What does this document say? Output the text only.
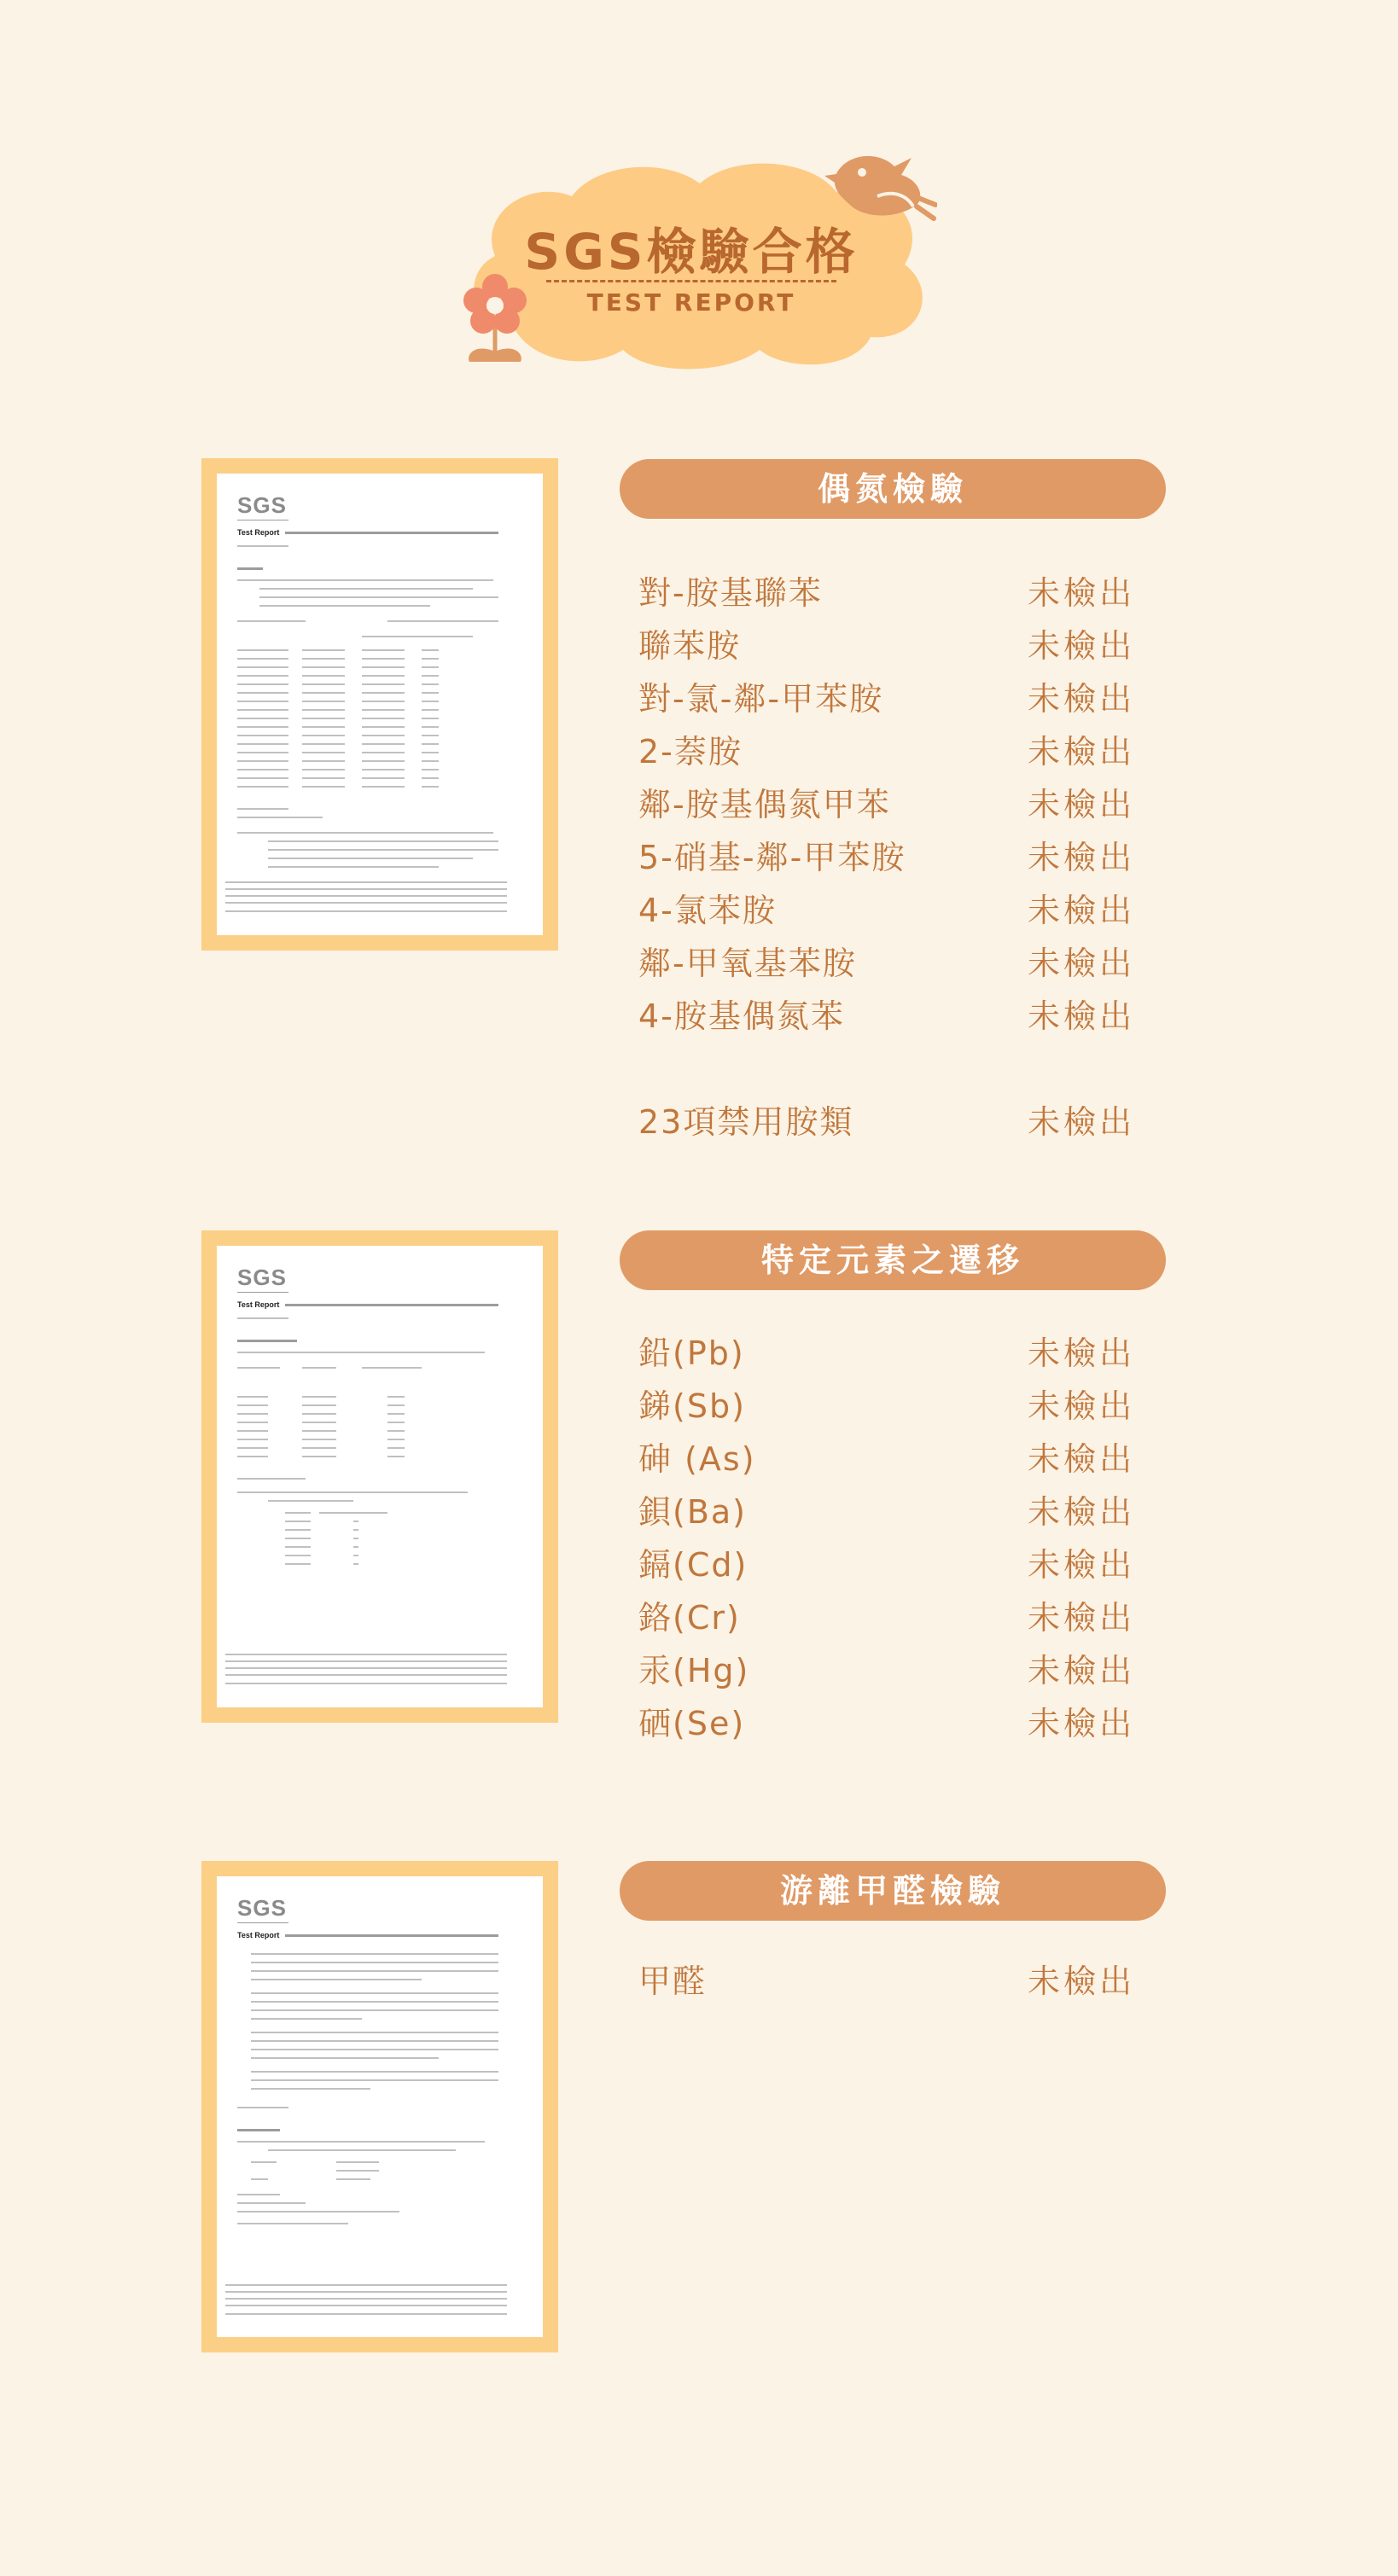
SGS檢驗合格
TEST REPORT
SGS
Test Report
SGS
Test Report
SGS
Test Report
偶氮檢驗
對-胺基聯苯	未檢出
聯苯胺	未檢出
對-氯-鄰-甲苯胺	未檢出
2-萘胺	未檢出
鄰-胺基偶氮甲苯	未檢出
5-硝基-鄰-甲苯胺	未檢出
4-氯苯胺	未檢出
鄰-甲氧基苯胺	未檢出
4-胺基偶氮苯	未檢出
23項禁用胺類	未檢出
特定元素之遷移
鉛(Pb)	未檢出
銻(Sb)	未檢出
砷 (As)	未檢出
鋇(Ba)	未檢出
鎘(Cd)	未檢出
鉻(Cr)	未檢出
汞(Hg)	未檢出
硒(Se)	未檢出
游離甲醛檢驗
甲醛	未檢出
